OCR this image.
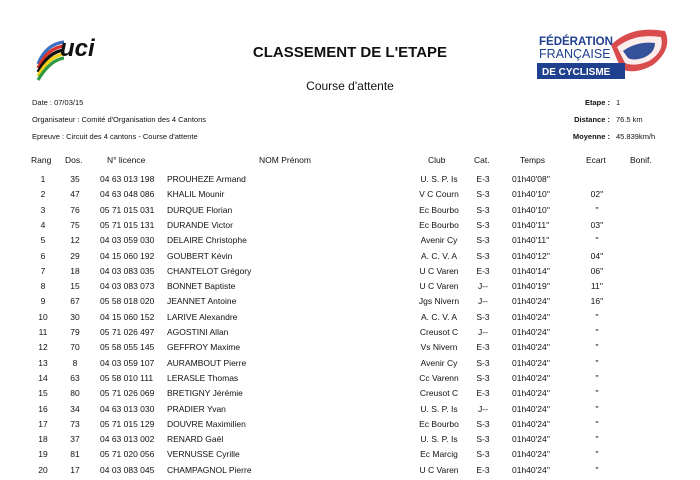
uci	FÉDÉRATION
FRANÇAISE
DE CYCLISME
CLASSEMENT DE L'ETAPE
Course d'attente
Date : 07/03/15
Organisateur : Comité d'Organisation des 4 Cantons
Epreuve : Circuit des 4 cantons - Course d'attente
Etape : 1
Distance : 76.5 km
Moyenne : 45.839km/h
Rang Dos.	N° licence	NOM Prénom	Club	Cat.	Temps	Ecart	Bonif.
1	35	04 63 013 198 PROUHEZE Armand	U. S. P. Is	E-3	01h40'08''
2	47	04 63 048 086 KHALIL Mounir	V C Courn	S-3	01h40'10''	02''
3	76	05 71 015 031 DURQUE Florian	Ec Bourbo	S-3	01h40'10''	''
4	75	05 71 015 131 DURANDE Victor	Ec Bourbo	S-3	01h40'11''	03''
5	12	04 03 059 030 DELAIRE Christophe	Avenir Cy	S-3	01h40'11''	''
6	29	04 15 060 192 GOUBERT Kévin	A. C. V. A	S-3	01h40'12''	04''
7	18	04 03 083 035 CHANTELOT Grégory	U C Varen	E-3	01h40'14''	06''
8	15	04 03 083 073 BONNET Baptiste	U C Varen	J--	01h40'19''	11''
9	67	05 58 018 020 JEANNET Antoine	Jgs Nivern	J--	01h40'24''	16''
10	30	04 15 060 152 LARIVE Alexandre	A. C. V. A	S-3	01h40'24''	''
11	79	05 71 026 497 AGOSTINI Allan	Creusot C	J--	01h40'24''	''
12	70	05 58 055 145 GEFFROY Maxime	Vs Nivern	E-3	01h40'24''	''
13	8	04 03 059 107 AURAMBOUT Pierre	Avenir Cy	S-3	01h40'24''	''
14	63	05 58 010 111 LERASLE Thomas	Cc Varenn	S-3	01h40'24''	''
15	80	05 71 026 069 BRETIGNY Jérémie	Creusot C	E-3	01h40'24''	''
16	34	04 63 013 030 PRADIER Yvan	U. S. P. Is	J--	01h40'24''	''
17	73	05 71 015 129 DOUVRE Maximilien	Ec Bourbo	S-3	01h40'24''	''
18	37	04 63 013 002 RENARD Gaël	U. S. P. Is	S-3	01h40'24''	''
19	81	05 71 020 056 VERNUSSE Cyrille	Ec Marcig	S-3	01h40'24''	''
20	17	04 03 083 045 CHAMPAGNOL Pierre	U C Varen	E-3	01h40'24''	''
